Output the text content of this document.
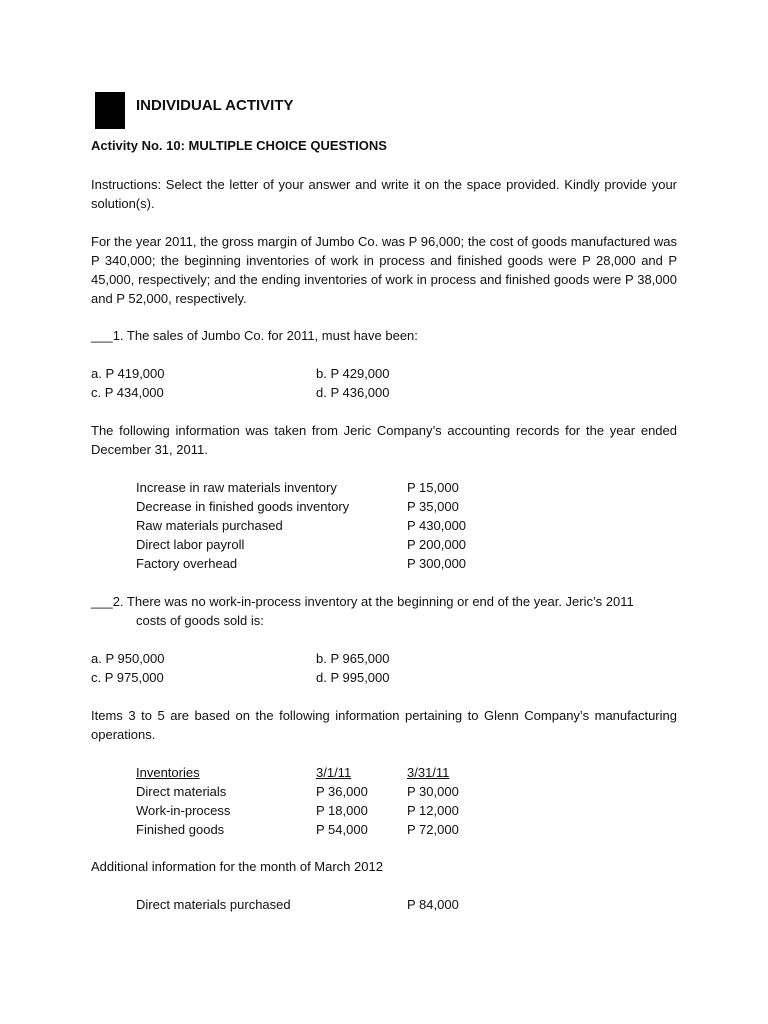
INDIVIDUAL ACTIVITY
Activity No. 10: MULTIPLE CHOICE QUESTIONS
Instructions: Select the letter of your answer and write it on the space provided. Kindly provide your solution(s).
For the year 2011, the gross margin of Jumbo Co. was P 96,000; the cost of goods manufactured was P 340,000; the beginning inventories of work in process and finished goods were P 28,000 and P 45,000, respectively; and the ending inventories of work in process and finished goods were P 38,000 and P 52,000, respectively.
___1. The sales of Jumbo Co. for 2011, must have been:
a. P 419,000	b. P 429,000
c. P 434,000	d. P 436,000
The following information was taken from Jeric Company’s accounting records for the year ended December 31, 2011.
Increase in raw materials inventory	P 15,000
Decrease in finished goods inventory	P 35,000
Raw materials purchased	P 430,000
Direct labor payroll	P 200,000
Factory overhead	P 300,000
___2. There was no work-in-process inventory at the beginning or end of the year. Jeric’s 2011
costs of goods sold is:
a. P 950,000	b. P 965,000
c. P 975,000	d. P 995,000
Items 3 to 5 are based on the following information pertaining to Glenn Company’s manufacturing operations.
Inventories	3/1/11	3/31/11
Direct materials	P 36,000	P 30,000
Work-in-process	P 18,000	P 12,000
Finished goods	P 54,000	P 72,000
Additional information for the month of March 2012
Direct materials purchased	P 84,000
